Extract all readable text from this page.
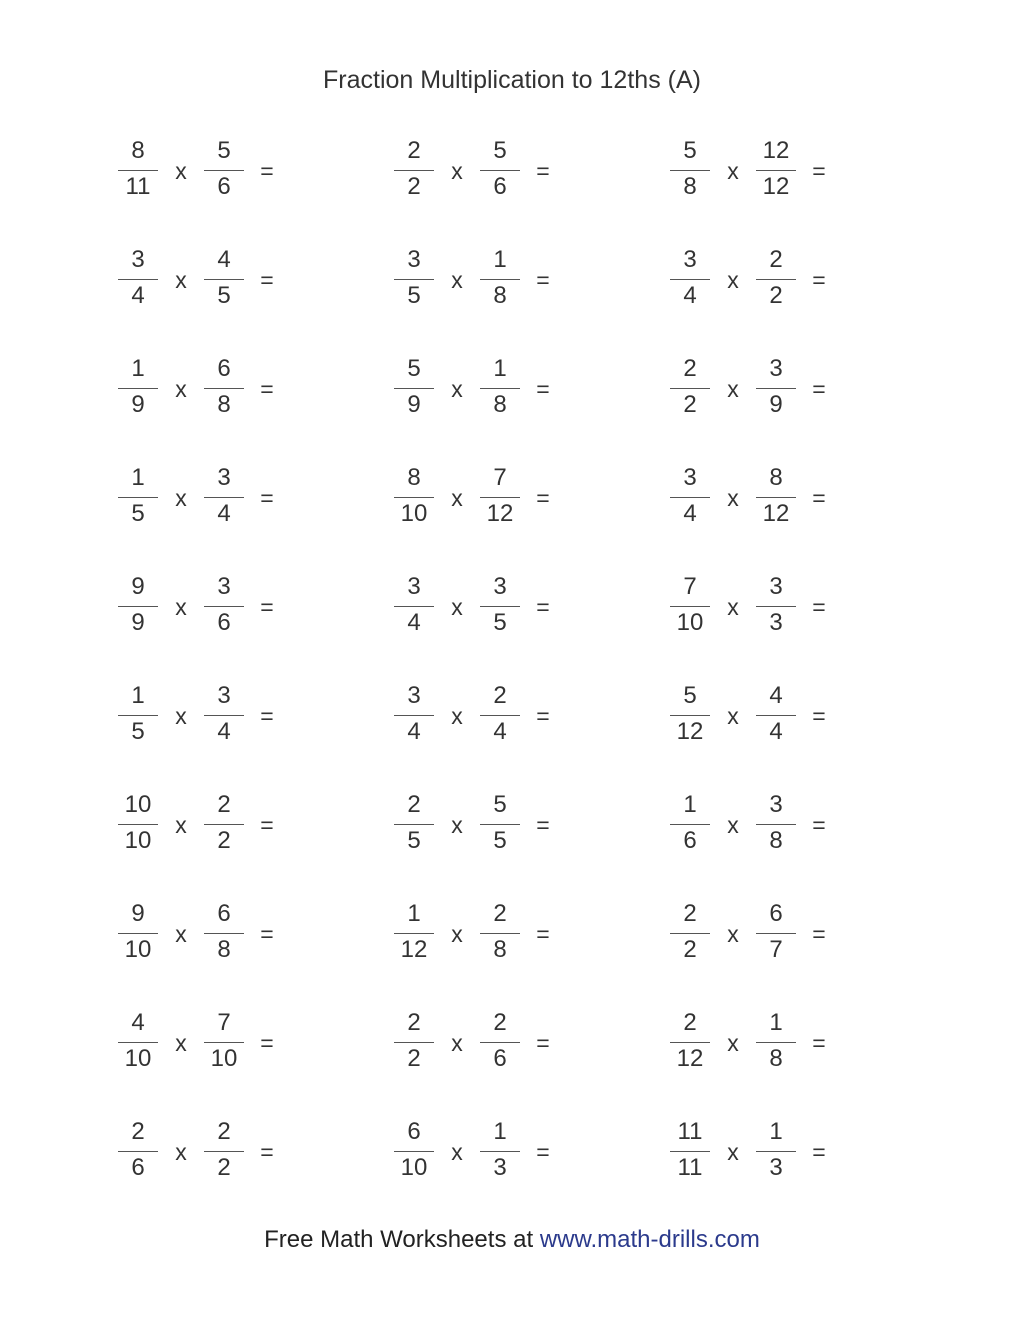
Fraction Multiplication to 12ths (A)
8
11
x
5
6
=
2
2
x
5
6
=
5
8
x
12
12
=
3
4
x
4
5
=
3
5
x
1
8
=
3
4
x
2
2
=
1
9
x
6
8
=
5
9
x
1
8
=
2
2
x
3
9
=
1
5
x
3
4
=
8
10
x
7
12
=
3
4
x
8
12
=
9
9
x
3
6
=
3
4
x
3
5
=
7
10
x
3
3
=
1
5
x
3
4
=
3
4
x
2
4
=
5
12
x
4
4
=
10
10
x
2
2
=
2
5
x
5
5
=
1
6
x
3
8
=
9
10
x
6
8
=
1
12
x
2
8
=
2
2
x
6
7
=
4
10
x
7
10
=
2
2
x
2
6
=
2
12
x
1
8
=
2
6
x
2
2
=
6
10
x
1
3
=
11
11
x
1
3
=
Free Math Worksheets at www.math-drills.com
